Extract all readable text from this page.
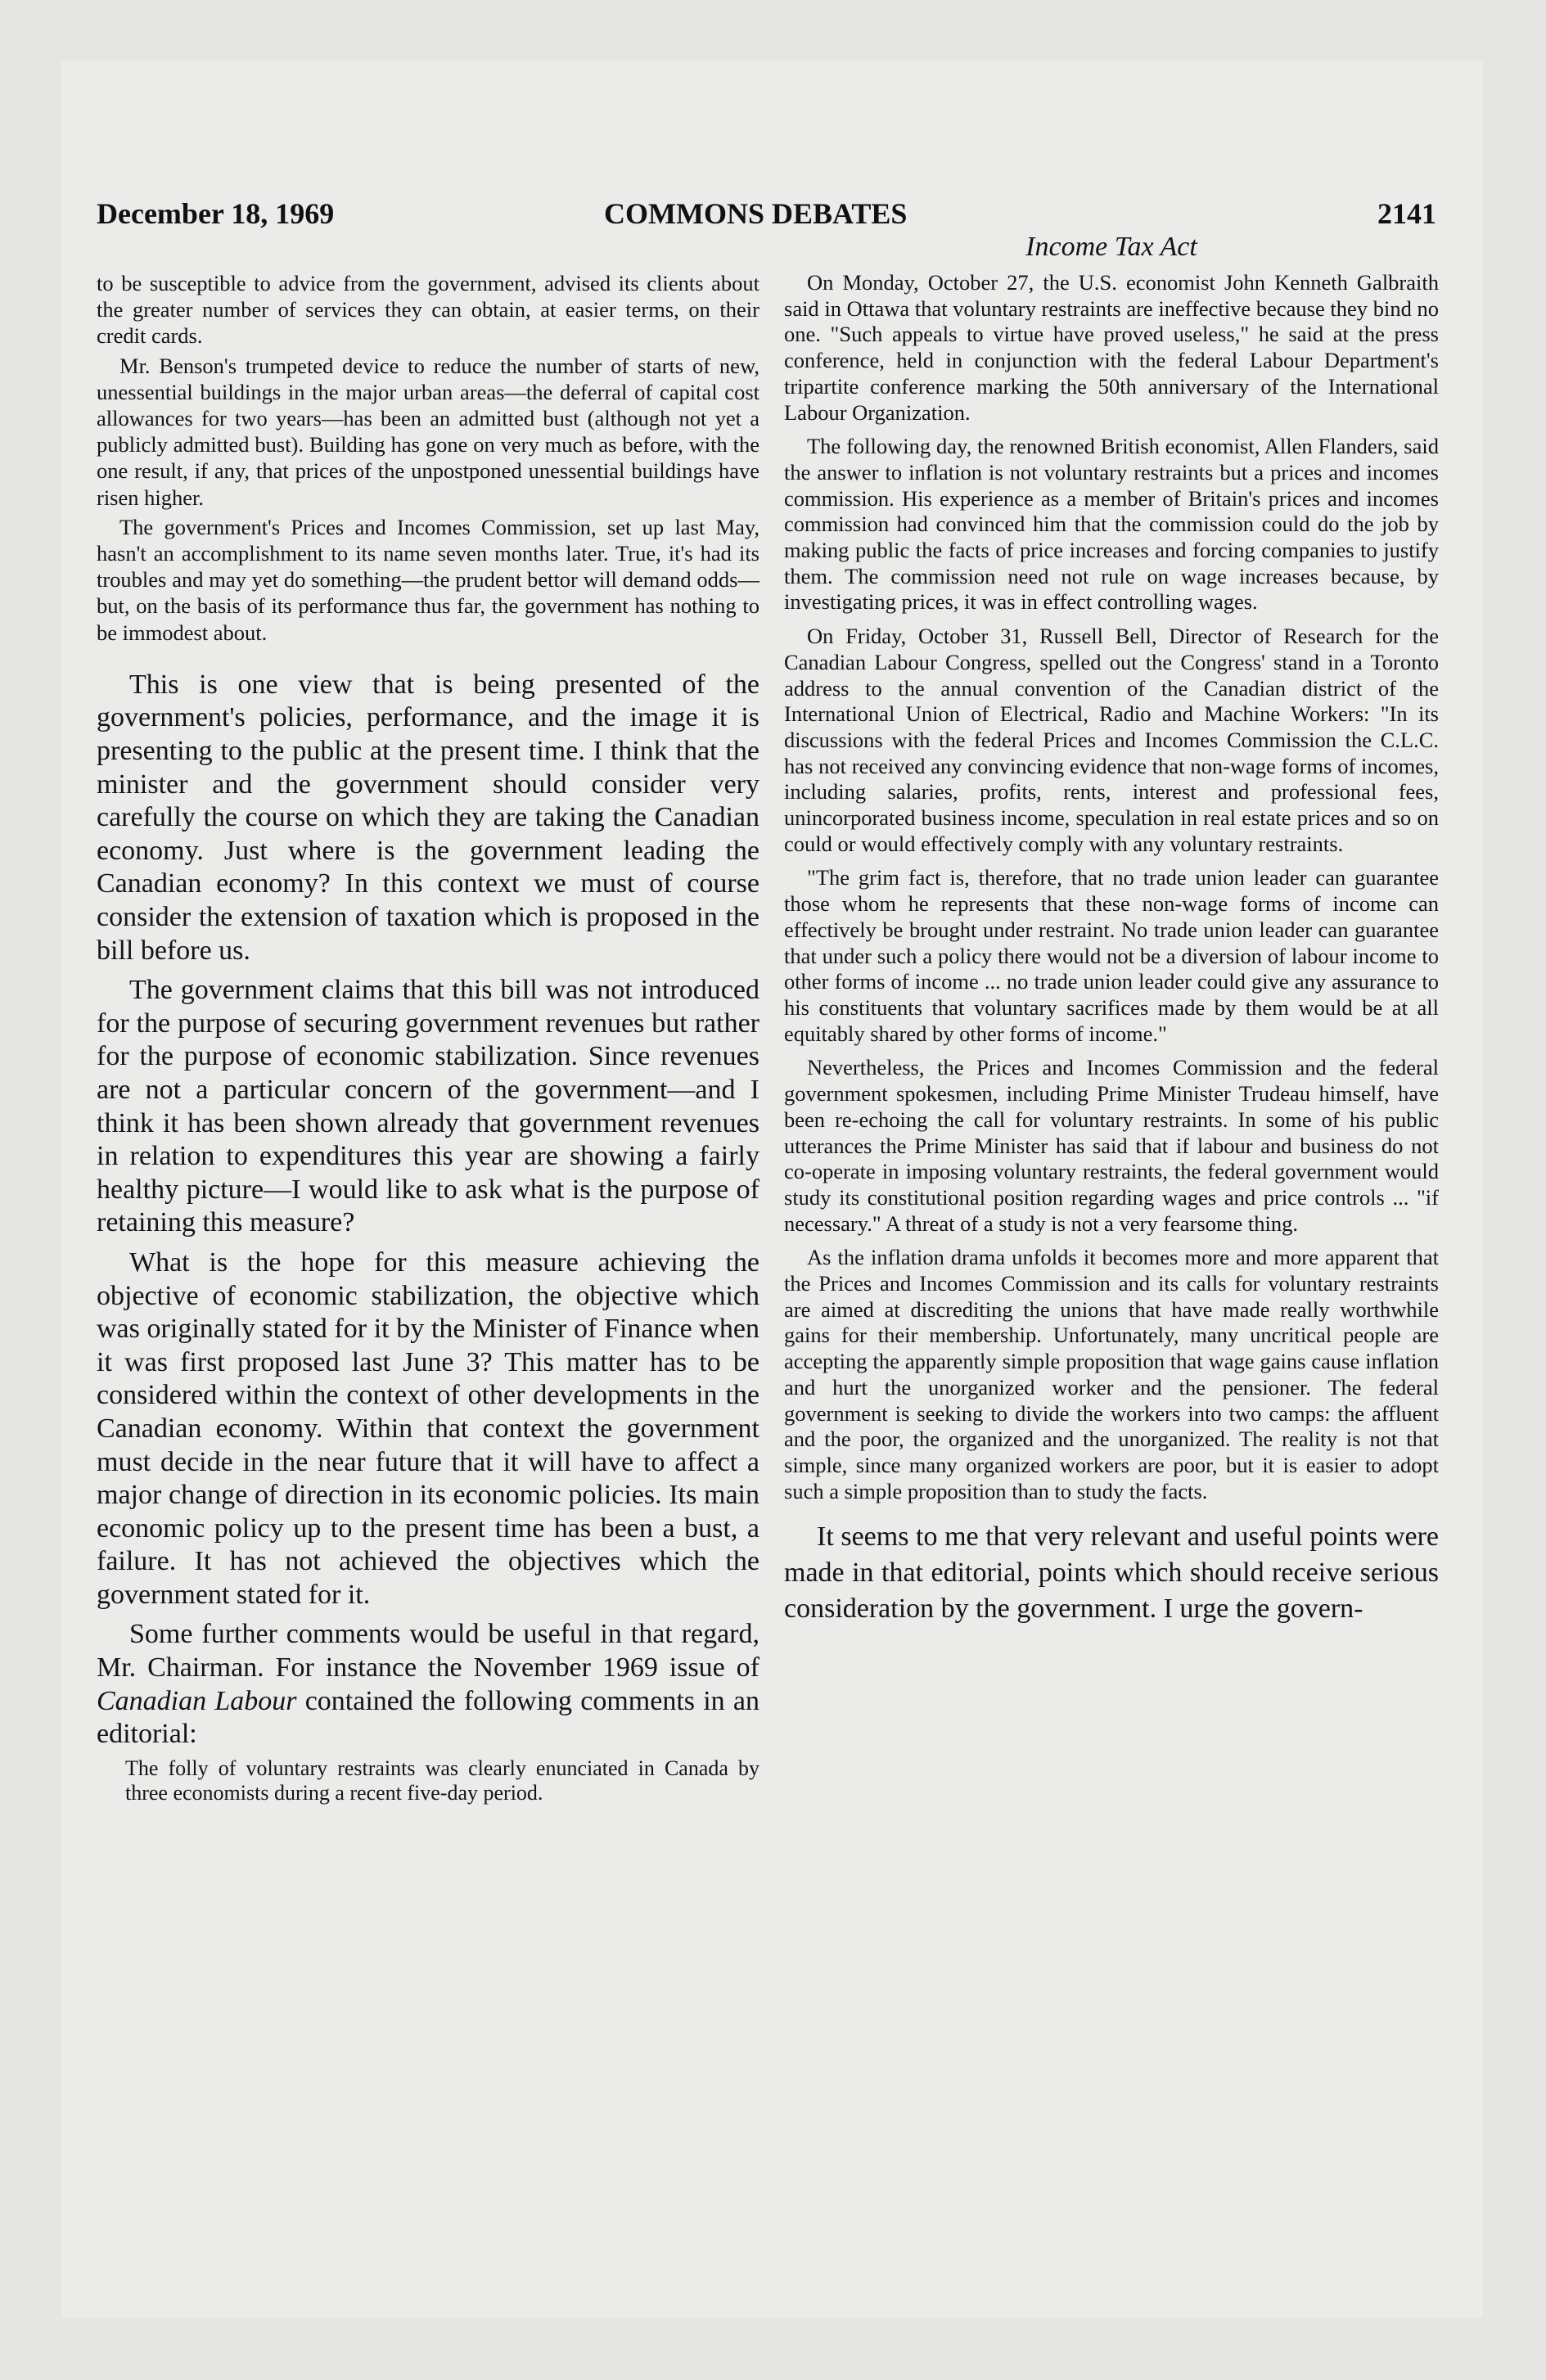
December 18, 1969	COMMONS DEBATES	2141
Income Tax Act

to be susceptible to advice from the government, advised its clients about the greater number of services they can obtain, at easier terms, on their credit cards.

Mr. Benson's trumpeted device to reduce the number of starts of new, unessential buildings in the major urban areas—the deferral of capital cost allowances for two years—has been an admitted bust (although not yet a publicly admitted bust). Building has gone on very much as before, with the one result, if any, that prices of the unpostponed unessential buildings have risen higher.

The government's Prices and Incomes Commission, set up last May, hasn't an accomplishment to its name seven months later. True, it's had its troubles and may yet do something—the prudent bettor will demand odds—but, on the basis of its performance thus far, the government has nothing to be immodest about.

This is one view that is being presented of the government's policies, performance, and the image it is presenting to the public at the present time. I think that the minister and the government should consider very carefully the course on which they are taking the Canadian economy. Just where is the government leading the Canadian economy? In this context we must of course consider the extension of taxation which is proposed in the bill before us.

The government claims that this bill was not introduced for the purpose of securing government revenues but rather for the purpose of economic stabilization. Since revenues are not a particular concern of the government—and I think it has been shown already that government revenues in relation to expenditures this year are showing a fairly healthy picture—I would like to ask what is the purpose of retaining this measure?

What is the hope for this measure achieving the objective of economic stabilization, the objective which was originally stated for it by the Minister of Finance when it was first proposed last June 3? This matter has to be considered within the context of other developments in the Canadian economy. Within that context the government must decide in the near future that it will have to affect a major change of direction in its economic policies. Its main economic policy up to the present time has been a bust, a failure. It has not achieved the objectives which the government stated for it.

Some further comments would be useful in that regard, Mr. Chairman. For instance the November 1969 issue of Canadian Labour contained the following comments in an editorial:

The folly of voluntary restraints was clearly enunciated in Canada by three economists during a recent five-day period.

On Monday, October 27, the U.S. economist John Kenneth Galbraith said in Ottawa that voluntary restraints are ineffective because they bind no one. "Such appeals to virtue have proved useless," he said at the press conference, held in conjunction with the federal Labour Department's tripartite conference marking the 50th anniversary of the International Labour Organization.

The following day, the renowned British economist, Allen Flanders, said the answer to inflation is not voluntary restraints but a prices and incomes commission. His experience as a member of Britain's prices and incomes commission had convinced him that the commission could do the job by making public the facts of price increases and forcing companies to justify them. The commission need not rule on wage increases because, by investigating prices, it was in effect controlling wages.

On Friday, October 31, Russell Bell, Director of Research for the Canadian Labour Congress, spelled out the Congress' stand in a Toronto address to the annual convention of the Canadian district of the International Union of Electrical, Radio and Machine Workers: "In its discussions with the federal Prices and Incomes Commission the C.L.C. has not received any convincing evidence that non-wage forms of incomes, including salaries, profits, rents, interest and professional fees, unincorporated business income, speculation in real estate prices and so on could or would effectively comply with any voluntary restraints.

"The grim fact is, therefore, that no trade union leader can guarantee those whom he represents that these non-wage forms of income can effectively be brought under restraint. No trade union leader can guarantee that under such a policy there would not be a diversion of labour income to other forms of income ... no trade union leader could give any assurance to his constituents that voluntary sacrifices made by them would be at all equitably shared by other forms of income."

Nevertheless, the Prices and Incomes Commission and the federal government spokesmen, including Prime Minister Trudeau himself, have been re-echoing the call for voluntary restraints. In some of his public utterances the Prime Minister has said that if labour and business do not co-operate in imposing voluntary restraints, the federal government would study its constitutional position regarding wages and price controls ... "if necessary." A threat of a study is not a very fearsome thing.

As the inflation drama unfolds it becomes more and more apparent that the Prices and Incomes Commission and its calls for voluntary restraints are aimed at discrediting the unions that have made really worthwhile gains for their membership. Unfortunately, many uncritical people are accepting the apparently simple proposition that wage gains cause inflation and hurt the unorganized worker and the pensioner. The federal government is seeking to divide the workers into two camps: the affluent and the poor, the organized and the unorganized. The reality is not that simple, since many organized workers are poor, but it is easier to adopt such a simple proposition than to study the facts.

It seems to me that very relevant and useful points were made in that editorial, points which should receive serious consideration by the government. I urge the govern-
